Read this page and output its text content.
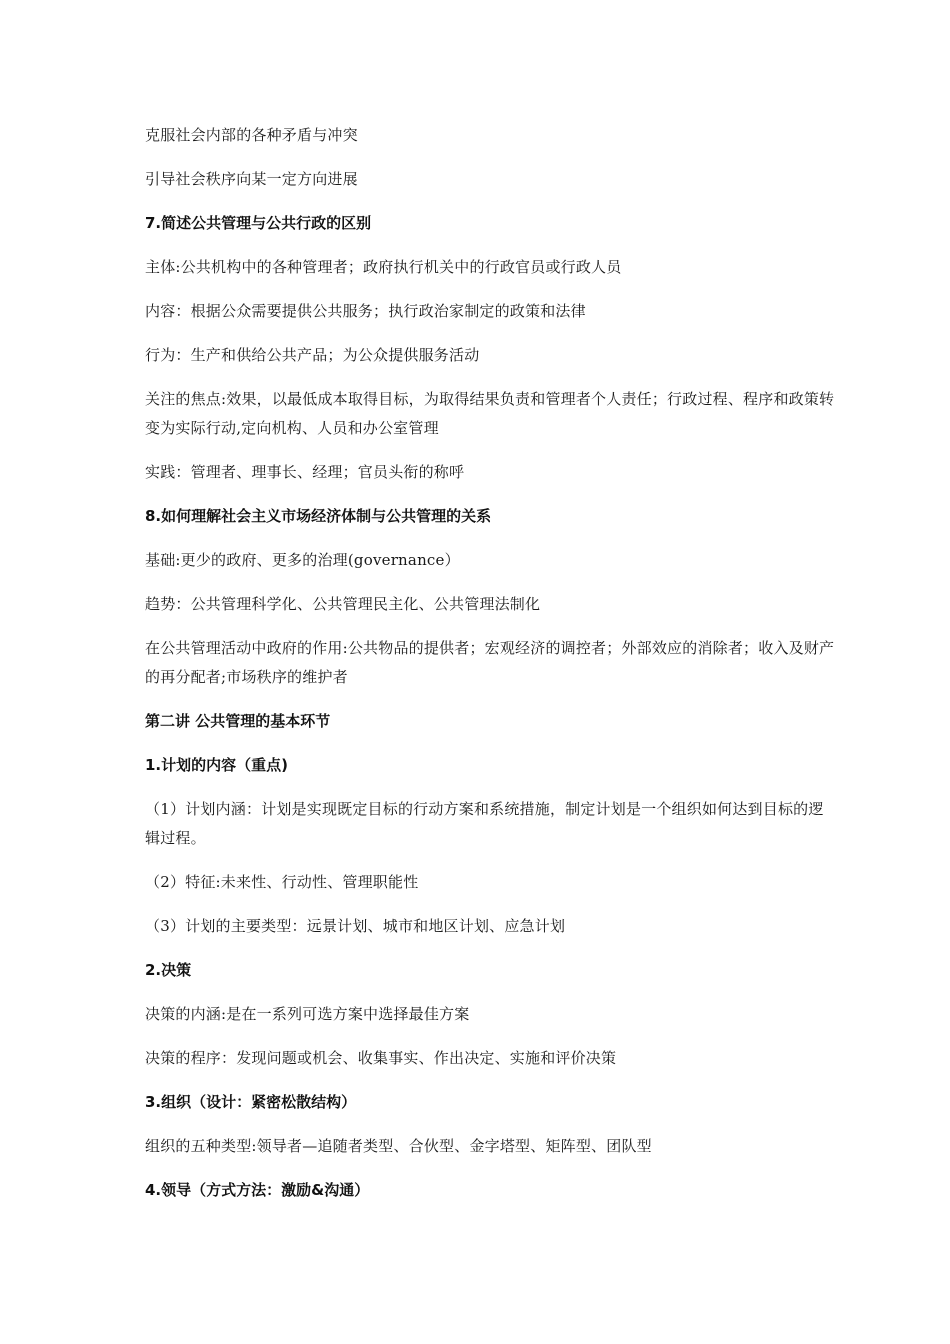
克服社会内部的各种矛盾与冲突

引导社会秩序向某一定方向进展

7.简述公共管理与公共行政的区别

主体:公共机构中的各种管理者；政府执行机关中的行政官员或行政人员

内容：根据公众需要提供公共服务；执行政治家制定的政策和法律

行为：生产和供给公共产品；为公众提供服务活动

关注的焦点:效果，以最低成本取得目标，为取得结果负责和管理者个人责任；行政过程、程序和政策转变为实际行动,定向机构、人员和办公室管理

实践：管理者、理事长、经理；官员头衔的称呼

8.如何理解社会主义市场经济体制与公共管理的关系

基础:更少的政府、更多的治理(governance）

趋势：公共管理科学化、公共管理民主化、公共管理法制化

在公共管理活动中政府的作用:公共物品的提供者；宏观经济的调控者；外部效应的消除者；收入及财产的再分配者;市场秩序的维护者

第二讲 公共管理的基本环节

1.计划的内容（重点)

（1）计划内涵：计划是实现既定目标的行动方案和系统措施，制定计划是一个组织如何达到目标的逻辑过程。

（2）特征:未来性、行动性、管理职能性

（3）计划的主要类型：远景计划、城市和地区计划、应急计划

2.决策

决策的内涵:是在一系列可选方案中选择最佳方案

决策的程序：发现问题或机会、收集事实、作出决定、实施和评价决策

3.组织（设计：紧密松散结构）

组织的五种类型:领导者—追随者类型、合伙型、金字塔型、矩阵型、团队型

4.领导（方式方法：激励&沟通）
